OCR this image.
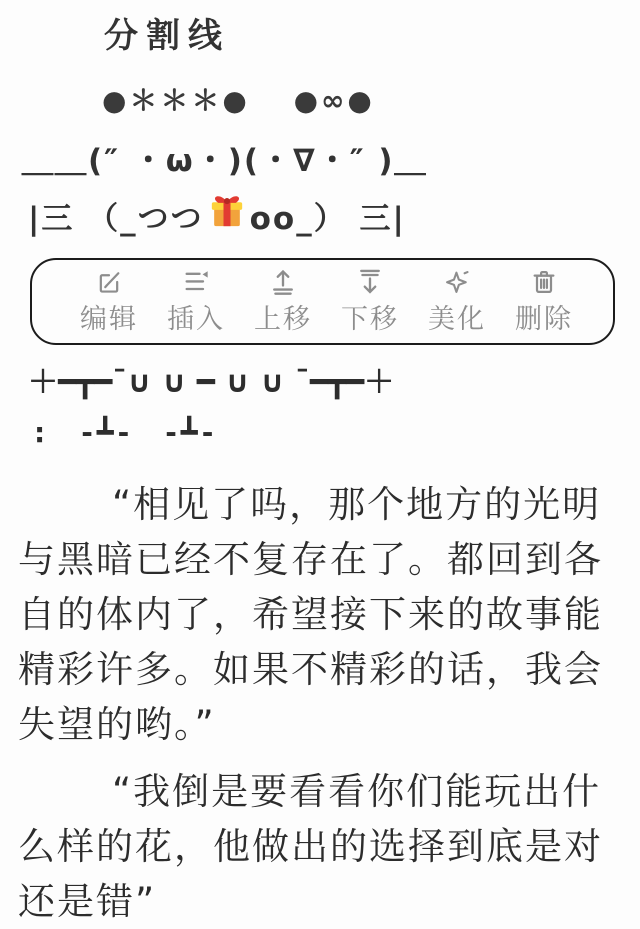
分割线
●＊＊＊●　 ●∞●
＿＿(″ ・ω・)(・∇・″ )＿
|三 （_つつ oo_） 三|
编辑 插入 上移 下移 美化 删除
＋━┳━¯∪ ∪ ━ ∪ ∪ ¯━┳━＋
:　-┻-　-┻-
“相见了吗，那个地方的光明
与黑暗已经不复存在了。都回到各
自的体内了，希望接下来的故事能
精彩许多。如果不精彩的话，我会
失望的哟。”
“我倒是要看看你们能玩出什
么样的花，他做出的选择到底是对
还是错”
